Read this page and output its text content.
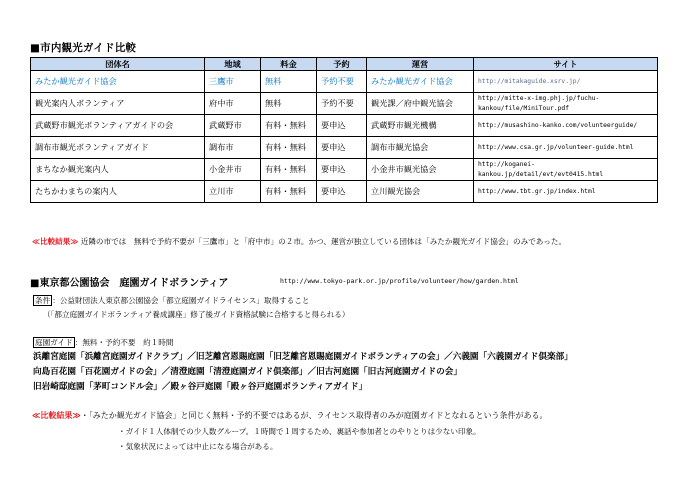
■市内観光ガイド比較
団体名	地域	料金	予約	運営	サイト
みたか観光ガイド協会	三鷹市	無料	予約不要	みたか観光ガイド協会	http://mitakaguide.xsrv.jp/
観光案内人ボランティア	府中市	無料	予約不要	観光課／府中観光協会	http://mitte-x-img.phj.jp/fuchu-kankou/file/MiniTour.pdf
武蔵野市観光ボランティアガイドの会	武蔵野市	有料・無料	要申込	武蔵野市観光機構	http://musashino-kanko.com/volunteerguide/
調布市観光ボランティアガイド	調布市	有料・無料	要申込	調布市観光協会	http://www.csa.gr.jp/volunteer-guide.html
まちなか観光案内人	小金井市	有料・無料	要申込	小金井市観光協会	http://koganei-kankou.jp/detail/evt/evt0415.html
たちかわまちの案内人	立川市	有料・無料	要申込	立川観光協会	http://www.tbt.gr.jp/index.html
≪比較結果≫ 近隣の市では　無料で予約不要が「三鷹市」と「府中市」の２市。かつ、運営が独立している団体は「みたか観光ガイド協会」のみであった。
■東京都公園協会　庭園ガイドボランティア	http://www.tokyo-park.or.jp/profile/volunteer/how/garden.html
条件 ：公益財団法人東京都公園協会「都立庭園ガイドライセンス」取得すること
（「都立庭園ガイドボランティア養成講座」修了後ガイド資格試験に合格すると得られる）
庭園ガイド ：無料・予約不要　約１時間
浜離宮庭園「浜離宮庭園ガイドクラブ」／旧芝離宮恩賜庭園「旧芝離宮恩賜庭園ガイドボランティアの会」／六義園「六義園ガイド倶楽部」
向島百花園「百花園ガイドの会」／清澄庭園「清澄庭園ガイド倶楽部」／旧古河庭園「旧古河庭園ガイドの会」
旧岩崎邸庭園「茅町コンドル会」／殿ヶ谷戸庭園「殿ヶ谷戸庭園ボランティアガイド」
≪比較結果≫・「みたか観光ガイド協会」と同じく無料・予約不要ではあるが、ライセンス取得者のみが庭園ガイドとなれるという条件がある。
・ガイド１人体制での少人数グループ。１時間で１周するため、裏話や参加者とのやりとりは少ない印象。
・気象状況によっては中止になる場合がある。
